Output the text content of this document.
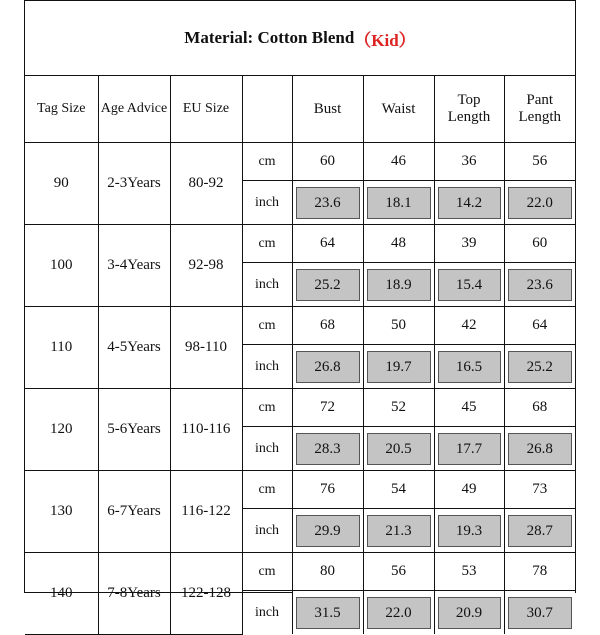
Material: Cotton Blend （Kid）
Tag Size	Age Advice	EU Size		Bust	Waist	Top Length	Pant Length
90	2-3Years	80-92	cm	60	46	36	56
			inch	23.6	18.1	14.2	22.0

100	3-4Years	92-98	cm	64	48	39	60
			inch	25.2	18.9	15.4	23.6

110	4-5Years	98-110	cm	68	50	42	64
			inch	26.8	19.7	16.5	25.2

120	5-6Years	110-116	cm	72	52	45	68
			inch	28.3	20.5	17.7	26.8

130	6-7Years	116-122	cm	76	54	49	73
			inch	29.9	21.3	19.3	28.7

140	7-8Years	122-128	cm	80	56	53	78
			inch	31.5	22.0	20.9	30.7
